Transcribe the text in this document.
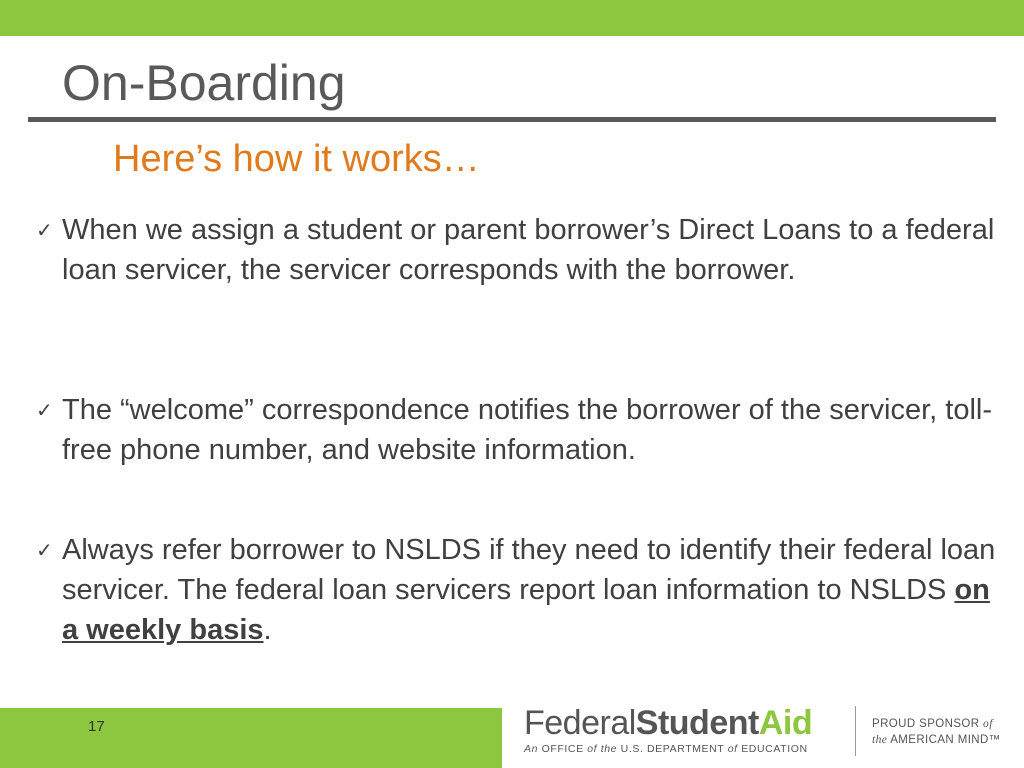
On-Boarding
Here’s how it works…
✓ When we assign a student or parent borrower’s Direct Loans to a federal loan servicer, the servicer corresponds with the borrower.
✓ The “welcome” correspondence notifies the borrower of the servicer, toll-free phone number, and website information.
✓ Always refer borrower to NSLDS if they need to identify their federal loan servicer. The federal loan servicers report loan information to NSLDS on a weekly basis.
17	FederalStudentAid
An OFFICE of the U.S. DEPARTMENT of EDUCATION
PROUD SPONSOR of
the AMERICAN MIND™
